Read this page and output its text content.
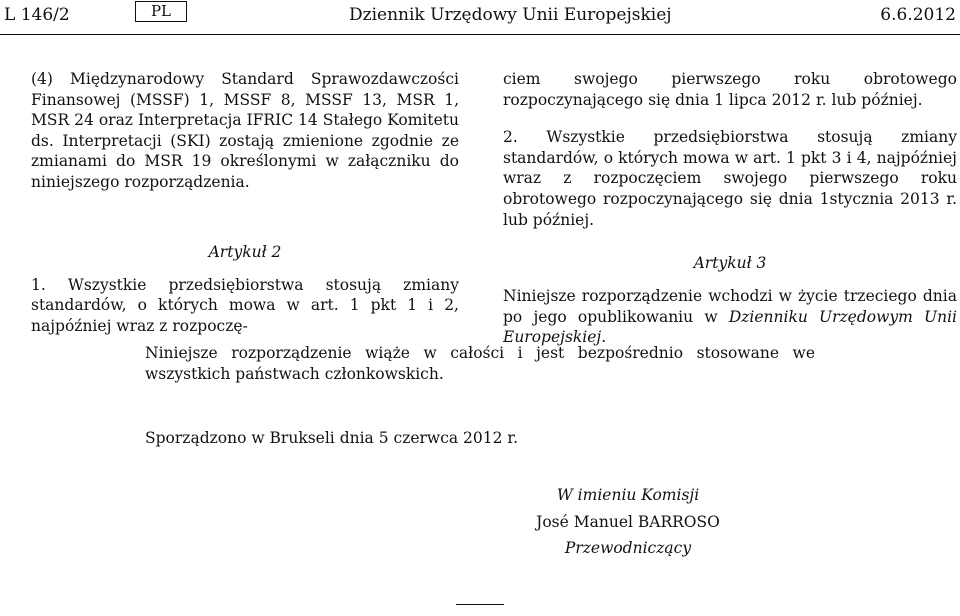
L 146/2	PL	Dziennik Urzędowy Unii Europejskiej	6.6.2012

(4) Międzynarodowy Standard Sprawozdawczości Finansowej (MSSF) 1, MSSF 8, MSSF 13, MSR 1, MSR 24 oraz Interpretacja IFRIC 14 Stałego Komitetu ds. Interpretacji (SKI) zostają zmienione zgodnie ze zmianami do MSR 19 określonymi w załączniku do niniejszego rozporządzenia.

Artykuł 2

1. Wszystkie przedsiębiorstwa stosują zmiany standardów, o których mowa w art. 1 pkt 1 i 2, najpóźniej wraz z rozpoczę-

ciem swojego pierwszego roku obrotowego rozpoczynającego się dnia 1 lipca 2012 r. lub później.

2. Wszystkie przedsiębiorstwa stosują zmiany standardów, o których mowa w art. 1 pkt 3 i 4, najpóźniej wraz z rozpoczęciem swojego pierwszego roku obrotowego rozpoczynającego się dnia 1stycznia 2013 r. lub później.

Artykuł 3

Niniejsze rozporządzenie wchodzi w życie trzeciego dnia po jego opublikowaniu w Dzienniku Urzędowym Unii Europejskiej.

Niniejsze rozporządzenie wiąże w całości i jest bezpośrednio stosowane we wszystkich państwach członkowskich.

Sporządzono w Brukseli dnia 5 czerwca 2012 r.

W imieniu Komisji
José Manuel BARROSO
Przewodniczący
